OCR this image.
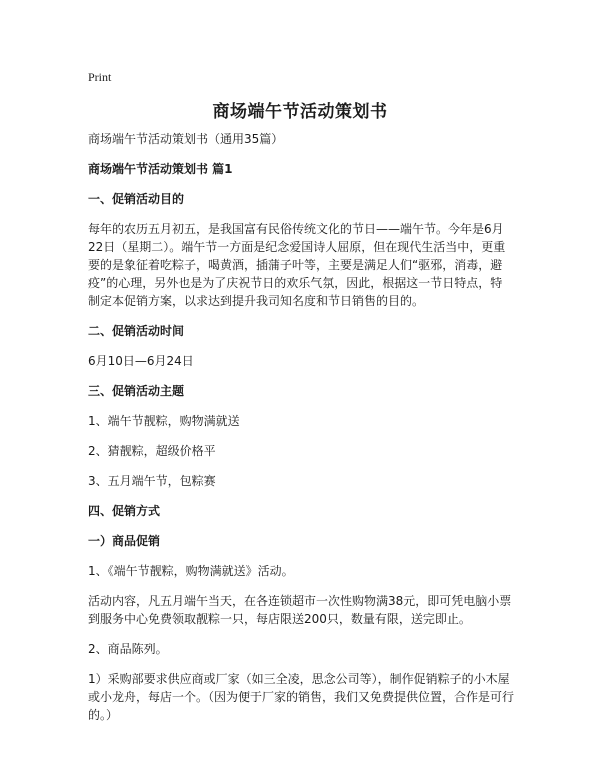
Print
商场端午节活动策划书
商场端午节活动策划书（通用35篇）
商场端午节活动策划书 篇1
一、促销活动目的
每年的农历五月初五，是我国富有民俗传统文化的节日——端午节。今年是6月22日（星期二）。端午节一方面是纪念爱国诗人屈原，但在现代生活当中，更重要的是象征着吃粽子，喝黄酒，插蒲子叶等，主要是满足人们“驱邪，消毒，避疫”的心理，另外也是为了庆祝节日的欢乐气氛，因此，根据这一节日特点，特制定本促销方案，以求达到提升我司知名度和节日销售的目的。
二、促销活动时间
6月10日—6月24日
三、促销活动主题
1、端午节靓粽，购物满就送
2、猜靓粽，超级价格平
3、五月端午节，包粽赛
四、促销方式
一）商品促销
1、《端午节靓粽，购物满就送》活动。
活动内容，凡五月端午当天，在各连锁超市一次性购物满38元，即可凭电脑小票到服务中心免费领取靓粽一只，每店限送200只，数量有限，送完即止。
2、商品陈列。
1）采购部要求供应商或厂家（如三全凌，思念公司等），制作促销粽子的小木屋或小龙舟，每店一个。（因为便于厂家的销售，我们又免费提供位置，合作是可行的。）
